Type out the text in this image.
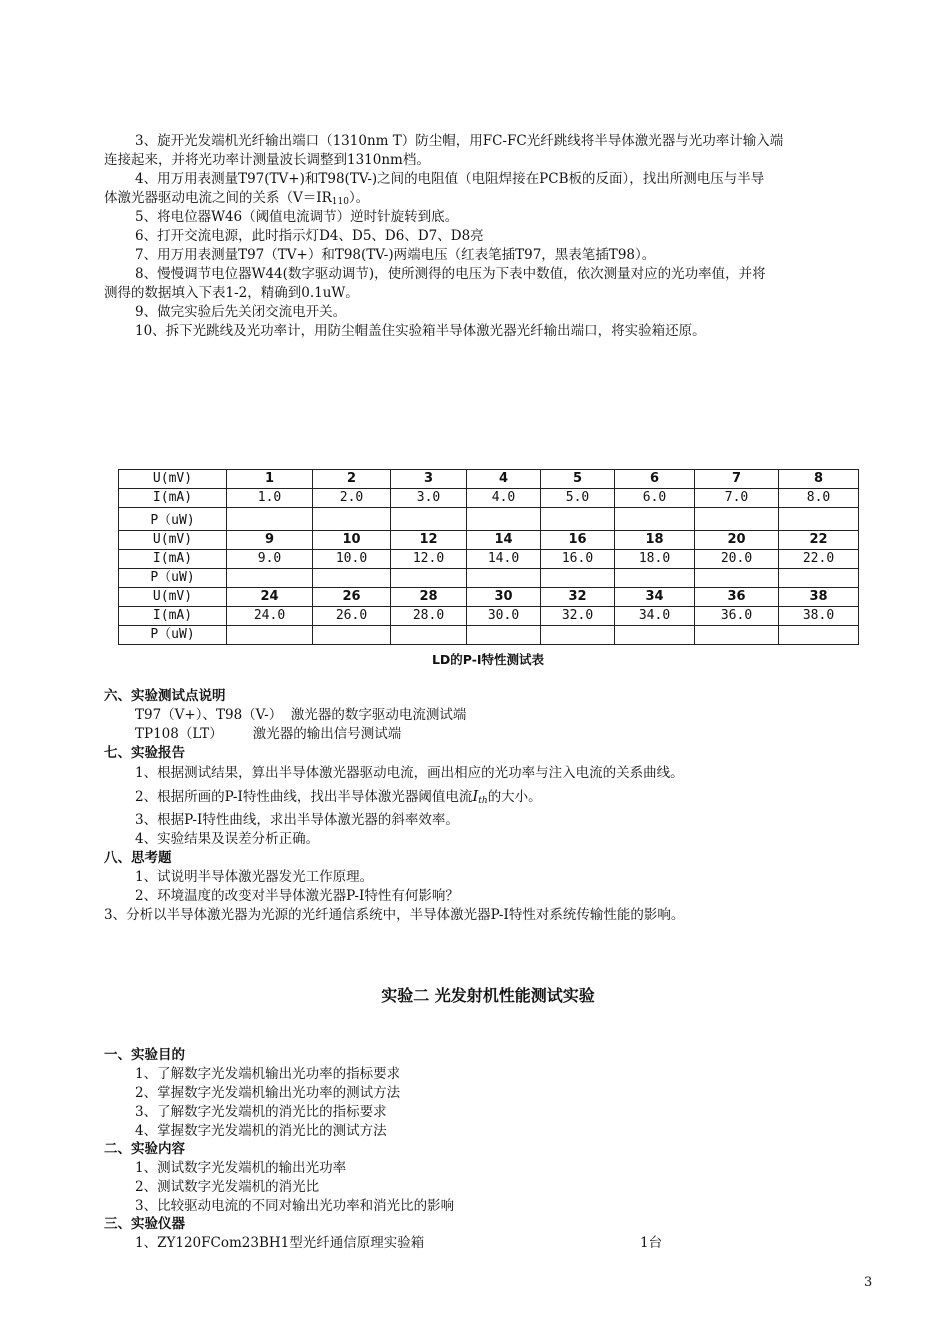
3、旋开光发端机光纤输出端口（1310nm T）防尘帽，用FC-FC光纤跳线将半导体激光器与光功率计输入端
连接起来，并将光功率计测量波长调整到1310nm档。
4、用万用表测量T97(TV+)和T98(TV-)之间的电阻值（电阻焊接在PCB板的反面），找出所测电压与半导
体激光器驱动电流之间的关系$(V=IR_{110})$。
5、将电位器W46（阈值电流调节）逆时针旋转到底。
6、打开交流电源，此时指示灯D4、D5、D6、D7、D8亮
7、用万用表测量T97（TV+）和T98(TV-)两端电压（红表笔插T97，黑表笔插T98）。
8、慢慢调节电位器W44(数字驱动调节)，使所测得的电压为下表中数值，依次测量对应的光功率值，并将
测得的数据填入下表1-2，精确到0.1uW。
9、做完实验后先关闭交流电开关。
10、拆下光跳线及光功率计，用防尘帽盖住实验箱半导体激光器光纤输出端口，将实验箱还原。
U(mV)	1	2	3	4	5	6	7	8
I(mA)	1.0	2.0	3.0	4.0	5.0	6.0	7.0	8.0
P（uW)								
U(mV)	9	10	12	14	16	18	20	22
I(mA)	9.0	10.0	12.0	14.0	16.0	18.0	20.0	22.0
P（uW)								
U(mV)	24	26	28	30	32	34	36	38
I(mA)	24.0	26.0	28.0	30.0	32.0	34.0	36.0	38.0
P（uW)								
LD的P-I特性测试表
六、实验测试点说明
T97（V+）、T98（V-）  激光器的数字驱动电流测试端
TP108（LT）       激光器的输出信号测试端
七、实验报告
1、根据测试结果，算出半导体激光器驱动电流，画出相应的光功率与注入电流的关系曲线。
2、根据所画的P-I特性曲线，找出半导体激光器阈值电流$I_{th}$的大小。
3、根据P-I特性曲线，求出半导体激光器的斜率效率。
4、实验结果及误差分析正确。
八、思考题
1、试说明半导体激光器发光工作原理。
2、环境温度的改变对半导体激光器P-I特性有何影响？
3、分析以半导体激光器为光源的光纤通信系统中，半导体激光器P-I特性对系统传输性能的影响。
实验二 光发射机性能测试实验
一、实验目的
1、了解数字光发端机输出光功率的指标要求
2、掌握数字光发端机输出光功率的测试方法
3、了解数字光发端机的消光比的指标要求
4、掌握数字光发端机的消光比的测试方法
二、实验内容
1、测试数字光发端机的输出光功率
2、测试数字光发端机的消光比
3、比较驱动电流的不同对输出光功率和消光比的影响
三、实验仪器
1、ZY120FCom23BH1型光纤通信原理实验箱	1台
3
